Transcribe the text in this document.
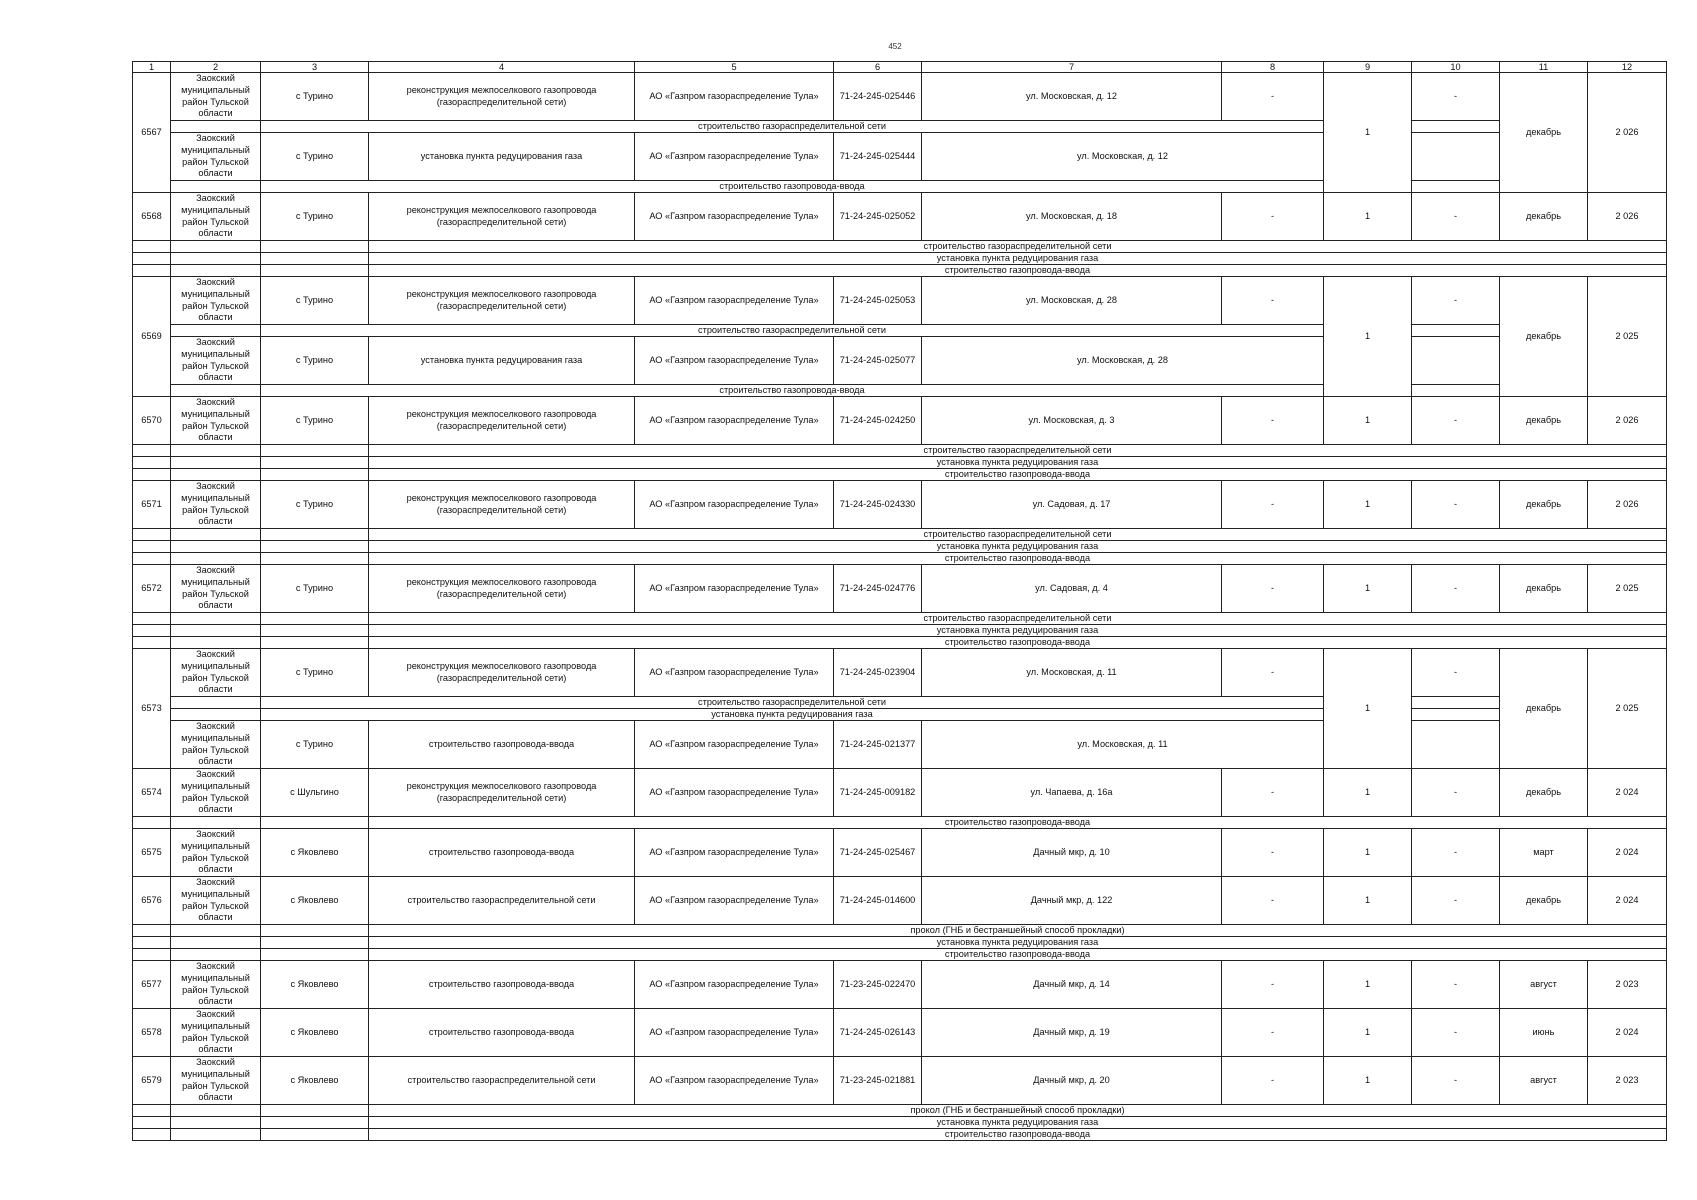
452
1	2	3	4	5	6	7	8	9	10	11	12
6567	Заокский муниципальный район Тульской области	с Турино	реконструкция межпоселкового газопровода (газораспределительной сети)	АО «Газпром газораспределение Тула»	71-24-245-025446	ул. Московская, д. 12	-	1	-	декабрь	2 026
		строительство газораспределительной сети									
	Заокский муниципальный район Тульской области	с Турино	установка пункта редуцирования газа	АО «Газпром газораспределение Тула»	71-24-245-025444	ул. Московская, д. 12					
		строительство газопровода-ввода									
6568	Заокский муниципальный район Тульской области	с Турино	реконструкция межпоселкового газопровода (газораспределительной сети)	АО «Газпром газораспределение Тула»	71-24-245-025052	ул. Московская, д. 18	-	1	-	декабрь	2 026
			строительство газораспределительной сети								
			установка пункта редуцирования газа								
			строительство газопровода-ввода								
6569	Заокский муниципальный район Тульской области	с Турино	реконструкция межпоселкового газопровода (газораспределительной сети)	АО «Газпром газораспределение Тула»	71-24-245-025053	ул. Московская, д. 28	-	1	-	декабрь	2 025
		строительство газораспределительной сети									
	Заокский муниципальный район Тульской области	с Турино	установка пункта редуцирования газа	АО «Газпром газораспределение Тула»	71-24-245-025077	ул. Московская, д. 28					
		строительство газопровода-ввода									
6570	Заокский муниципальный район Тульской области	с Турино	реконструкция межпоселкового газопровода (газораспределительной сети)	АО «Газпром газораспределение Тула»	71-24-245-024250	ул. Московская, д. 3	-	1	-	декабрь	2 026
			строительство газораспределительной сети								
			установка пункта редуцирования газа								
			строительство газопровода-ввода								
6571	Заокский муниципальный район Тульской области	с Турино	реконструкция межпоселкового газопровода (газораспределительной сети)	АО «Газпром газораспределение Тула»	71-24-245-024330	ул. Садовая, д. 17	-	1	-	декабрь	2 026
			строительство газораспределительной сети								
			установка пункта редуцирования газа								
			строительство газопровода-ввода								
6572	Заокский муниципальный район Тульской области	с Турино	реконструкция межпоселкового газопровода (газораспределительной сети)	АО «Газпром газораспределение Тула»	71-24-245-024776	ул. Садовая, д. 4	-	1	-	декабрь	2 025
			строительство газораспределительной сети								
			установка пункта редуцирования газа								
			строительство газопровода-ввода								
6573	Заокский муниципальный район Тульской области	с Турино	реконструкция межпоселкового газопровода (газораспределительной сети)	АО «Газпром газораспределение Тула»	71-24-245-023904	ул. Московская, д. 11	-	1	-	декабрь	2 025
		строительство газораспределительной сети									
		установка пункта редуцирования газа									
	Заокский муниципальный район Тульской области	с Турино	строительство газопровода-ввода	АО «Газпром газораспределение Тула»	71-24-245-021377	ул. Московская, д. 11					
6574	Заокский муниципальный район Тульской области	с Шульгино	реконструкция межпоселкового газопровода (газораспределительной сети)	АО «Газпром газораспределение Тула»	71-24-245-009182	ул. Чапаева, д. 16а	-	1	-	декабрь	2 024
			строительство газопровода-ввода								
6575	Заокский муниципальный район Тульской области	с Яковлево	строительство газопровода-ввода	АО «Газпром газораспределение Тула»	71-24-245-025467	Дачный мкр, д. 10	-	1	-	март	2 024
6576	Заокский муниципальный район Тульской области	с Яковлево	строительство газораспределительной сети	АО «Газпром газораспределение Тула»	71-24-245-014600	Дачный мкр, д. 122	-	1	-	декабрь	2 024
			прокол (ГНБ и бестраншейный способ прокладки)								
			установка пункта редуцирования газа								
			строительство газопровода-ввода								
6577	Заокский муниципальный район Тульской области	с Яковлево	строительство газопровода-ввода	АО «Газпром газораспределение Тула»	71-23-245-022470	Дачный мкр, д. 14	-	1	-	август	2 023
6578	Заокский муниципальный район Тульской области	с Яковлево	строительство газопровода-ввода	АО «Газпром газораспределение Тула»	71-24-245-026143	Дачный мкр, д. 19	-	1	-	июнь	2 024
6579	Заокский муниципальный район Тульской области	с Яковлево	строительство газораспределительной сети	АО «Газпром газораспределение Тула»	71-23-245-021881	Дачный мкр, д. 20	-	1	-	август	2 023
			прокол (ГНБ и бестраншейный способ прокладки)								
			установка пункта редуцирования газа								
			строительство газопровода-ввода								
